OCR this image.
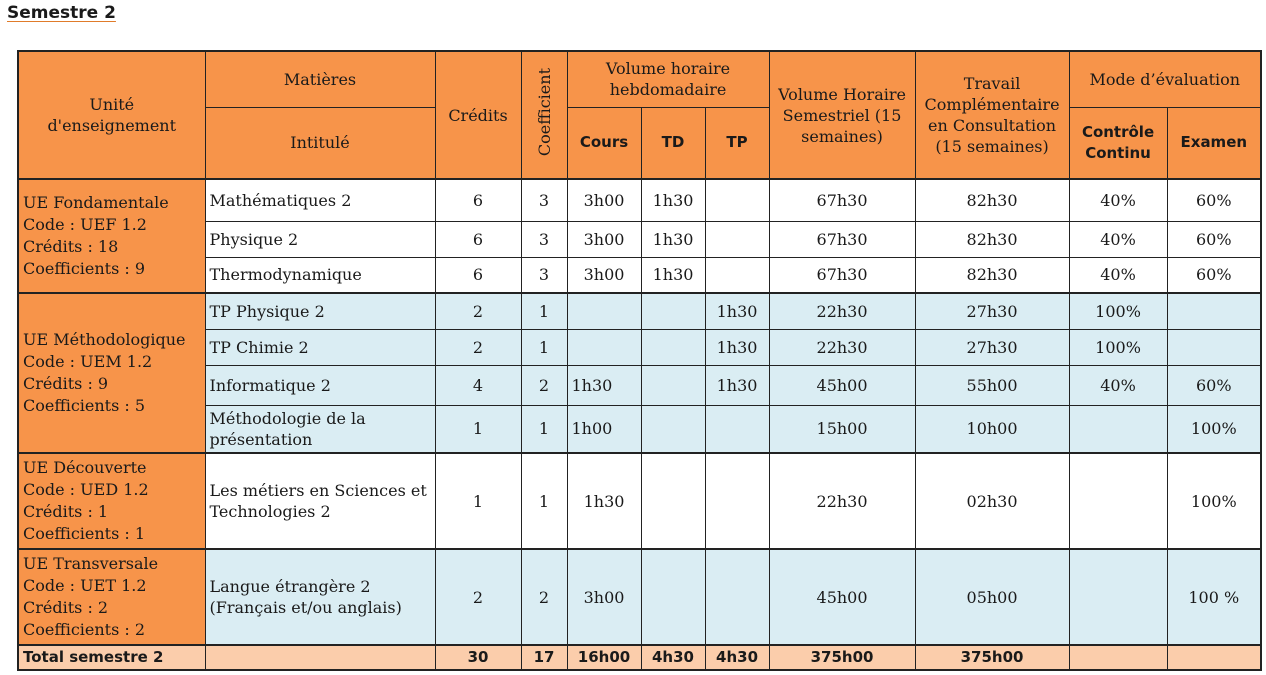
Semestre 2
Unité d'enseignement	Matières	Crédits	Coefficient	Volume horaire hebdomadaire			Volume Horaire Semestriel (15 semaines)	Travail Complémentaire en Consultation (15 semaines)	Mode d’évaluation	
	Intitulé			Cours	TD	TP			Contrôle Continu	Examen

UE Fondamentale
Code : UEF 1.2
Crédits : 18
Coefficients : 9	Mathématiques 2	6	3	3h00	1h30		67h30	82h30	40%	60%
	Physique 2	6	3	3h00	1h30		67h30	82h30	40%	60%
	Thermodynamique	6	3	3h00	1h30		67h30	82h30	40%	60%

UE Méthodologique
Code : UEM 1.2
Crédits : 9
Coefficients : 5	TP Physique 2	2	1			1h30	22h30	27h30	100%	
	TP Chimie 2	2	1			1h30	22h30	27h30	100%	
	Informatique 2	4	2	1h30		1h30	45h00	55h00	40%	60%
	Méthodologie de la présentation	1	1	1h00			15h00	10h00		100%

UE Découverte
Code : UED 1.2
Crédits : 1
Coefficients : 1	Les métiers en Sciences et Technologies 2	1	1	1h30			22h30	02h30		100%

UE Transversale
Code : UET 1.2
Crédits : 2
Coefficients : 2	Langue étrangère 2 (Français et/ou anglais)	2	2	3h00			45h00	05h00		100 %
Total semestre 2		30	17	16h00	4h30	4h30	375h00	375h00		
